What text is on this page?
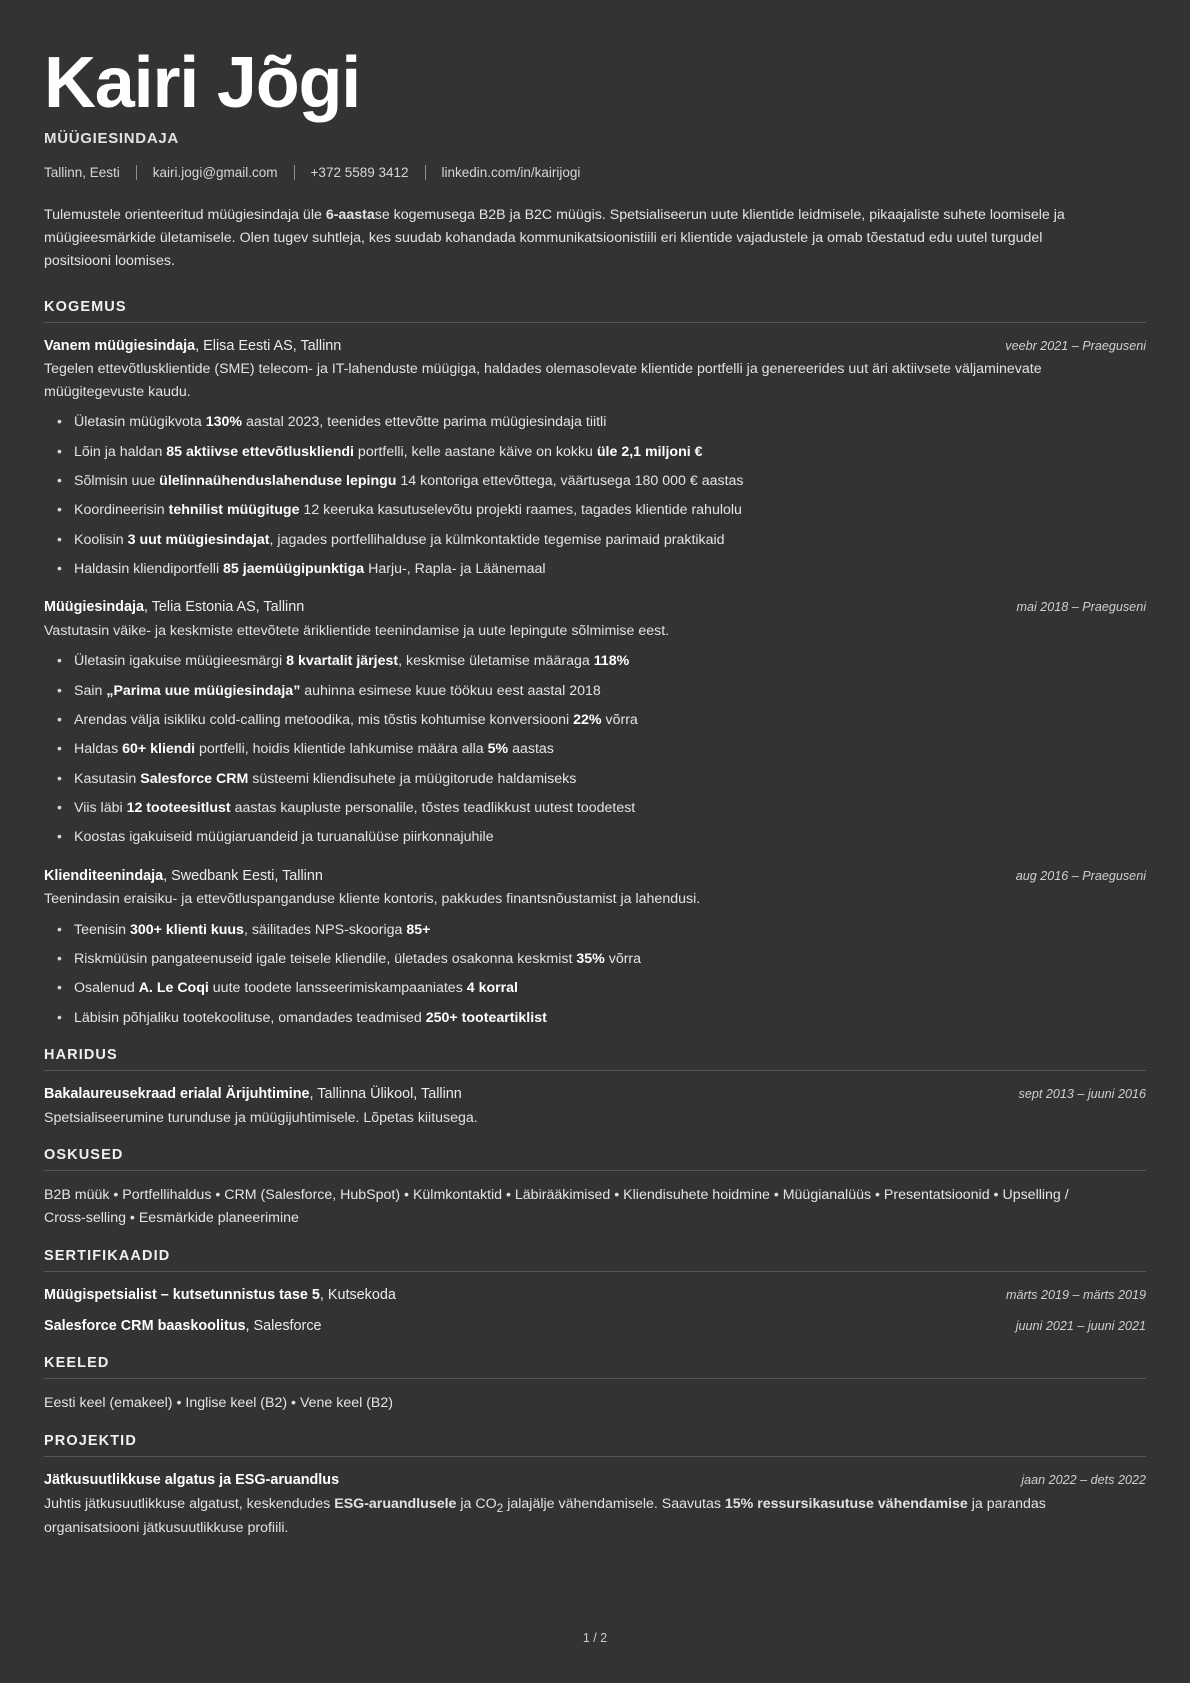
Kairi Jõgi
MÜÜGIESINDAJA
Tallinn, Eesti kairi.jogi@gmail.com +372 5589 3412 linkedin.com/in/kairijogi

Tulemustele orienteeritud müügiesindaja üle 6-aastase kogemusega B2B ja B2C müügis. Spetsialiseerun uute klientide leidmisele, pikaajaliste suhete loomisele ja müügieesmärkide ületamisele. Olen tugev suhtleja, kes suudab kohandada kommunikatsioonistiili eri klientide vajadustele ja omab tõestatud edu uutel turgudel positsiooni loomises.

KOGEMUS
Vanem müügiesindaja, Elisa Eesti AS, Tallinn	veebr 2021 – Praeguseni

Tegelen ettevõtlusklientide (SME) telecom- ja IT-lahenduste müügiga, haldades olemasolevate klientide portfelli ja genereerides uut äri aktiivsete väljaminevate müügitegevuste kaudu.

• Ületasin müügikvota 130% aastal 2023, teenides ettevõtte parima müügiesindaja tiitli
• Lõin ja haldan 85 aktiivse ettevõtluskliendi portfelli, kelle aastane käive on kokku üle 2,1 miljoni €
• Sõlmisin uue ülelinnaühenduslahenduse lepingu 14 kontoriga ettevõttega, väärtusega 180 000 € aastas
• Koordineerisin tehnilist müügituge 12 keeruka kasutuselevõtu projekti raames, tagades klientide rahulolu
• Koolisin 3 uut müügiesindajat, jagades portfellihalduse ja külmkontaktide tegemise parimaid praktikaid
• Haldasin kliendiportfelli 85 jaemüügipunktiga Harju-, Rapla- ja Läänemaal
Müügiesindaja, Telia Estonia AS, Tallinn	mai 2018 – Praeguseni

Vastutasin väike- ja keskmiste ettevõtete äriklientide teenindamise ja uute lepingute sõlmimise eest.

• Ületasin igakuise müügieesmärgi 8 kvartalit järjest, keskmise ületamise määraga 118%
• Sain „Parima uue müügiesindaja” auhinna esimese kuue töökuu eest aastal 2018
• Arendas välja isikliku cold-calling metoodika, mis tõstis kohtumise konversiooni 22% võrra
• Haldas 60+ kliendi portfelli, hoidis klientide lahkumise määra alla 5% aastas
• Kasutasin Salesforce CRM süsteemi kliendisuhete ja müügitorude haldamiseks
• Viis läbi 12 tooteesitlust aastas kaupluste personalile, tõstes teadlikkust uutest toodetest
• Koostas igakuiseid müügiaruandeid ja turuanalüüse piirkonnajuhile
Klienditeenindaja, Swedbank Eesti, Tallinn	aug 2016 – Praeguseni

Teenindasin eraisiku- ja ettevõtluspanganduse kliente kontoris, pakkudes finantsnõustamist ja lahendusi.

• Teenisin 300+ klienti kuus, säilitades NPS-skooriga 85+
• Riskmüüsin pangateenuseid igale teisele kliendile, ületades osakonna keskmist 35% võrra
• Osalenud A. Le Coqi uute toodete lansseerimiskampaaniates 4 korral
• Läbisin põhjaliku tootekoolituse, omandades teadmised 250+ tooteartiklist
HARIDUS
Bakalaureusekraad erialal Ärijuhtimine, Tallinna Ülikool, Tallinn	sept 2013 – juuni 2016

Spetsialiseerumine turunduse ja müügijuhtimisele. Lõpetas kiitusega.

OSKUSED

B2B müük • Portfellihaldus • CRM (Salesforce, HubSpot) • Külmkontaktid • Läbirääkimised • Kliendisuhete hoidmine • Müügianalüüs • Presentatsioonid • Upselling / Cross-selling • Eesmärkide planeerimine

SERTIFIKAADID
Müügispetsialist – kutsetunnistus tase 5, Kutsekoda	märts 2019 – märts 2019
Salesforce CRM baaskoolitus, Salesforce	juuni 2021 – juuni 2021
KEELED

Eesti keel (emakeel) • Inglise keel (B2) • Vene keel (B2)

PROJEKTID
Jätkusuutlikkuse algatus ja ESG-aruandlus	jaan 2022 – dets 2022

Juhtis jätkusuutlikkuse algatust, keskendudes ESG-aruandlusele ja $CO_2$ jalajälje vähendamisele. Saavutas 15% ressursikasutuse vähendamise ja parandas organisatsiooni jätkusuutlikkuse profiili.

1 / 2
